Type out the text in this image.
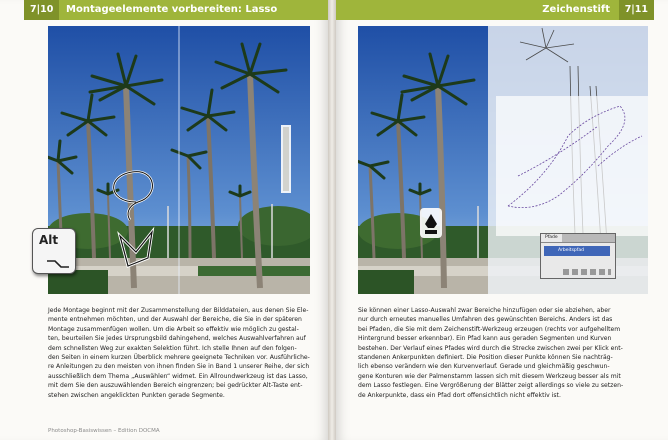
7|10	Montageelemente vorbereiten: Lasso
Alt
Jede Montage beginnt mit der Zusammenstellung der Bilddateien, aus denen Sie Ele-
mente entnehmen möchten, und der Auswahl der Bereiche, die Sie in der späteren
Montage zusammenfügen wollen. Um die Arbeit so effektiv wie möglich zu gestal-
ten, beurteilen Sie jedes Ursprungsbild dahingehend, welches Auswahlverfahren auf
dem schnellsten Weg zur exakten Selektion führt. Ich stelle Ihnen auf den folgen-
den Seiten in einem kurzen Überblick mehrere geeignete Techniken vor. Ausführliche-
re Anleitungen zu den meisten von ihnen finden Sie in Band 1 unserer Reihe, der sich
ausschließlich dem Thema „Auswählen“ widmet. Ein Allroundwerkzeug ist das Lasso,
mit dem Sie den auszuwählenden Bereich eingrenzen; bei gedrückter Alt-Taste ent-
stehen zwischen angeklickten Punkten gerade Segmente.
Photoshop-Basiswissen – Edition DOCMA
Zeichenstift	7|11
Pfade
Arbeitspfad
Sie können einer Lasso-Auswahl zwar Bereiche hinzufügen oder sie abziehen, aber
nur durch erneutes manuelles Umfahren des gewünschten Bereichs. Anders ist das
bei Pfaden, die Sie mit dem Zeichenstift-Werkzeug erzeugen (rechts vor aufgehelltem
Hintergrund besser erkennbar). Ein Pfad kann aus geraden Segmenten und Kurven
bestehen. Der Verlauf eines Pfades wird durch die Strecke zwischen zwei per Klick ent-
standenen Ankerpunkten definiert. Die Position dieser Punkte können Sie nachträg-
lich ebenso verändern wie den Kurvenverlauf. Gerade und gleichmäßig geschwun-
gene Konturen wie der Palmenstamm lassen sich mit diesem Werkzeug besser als mit
dem Lasso festlegen. Eine Vergrößerung der Blätter zeigt allerdings so viele zu setzen-
de Ankerpunkte, dass ein Pfad dort offensichtlich nicht effektiv ist.
